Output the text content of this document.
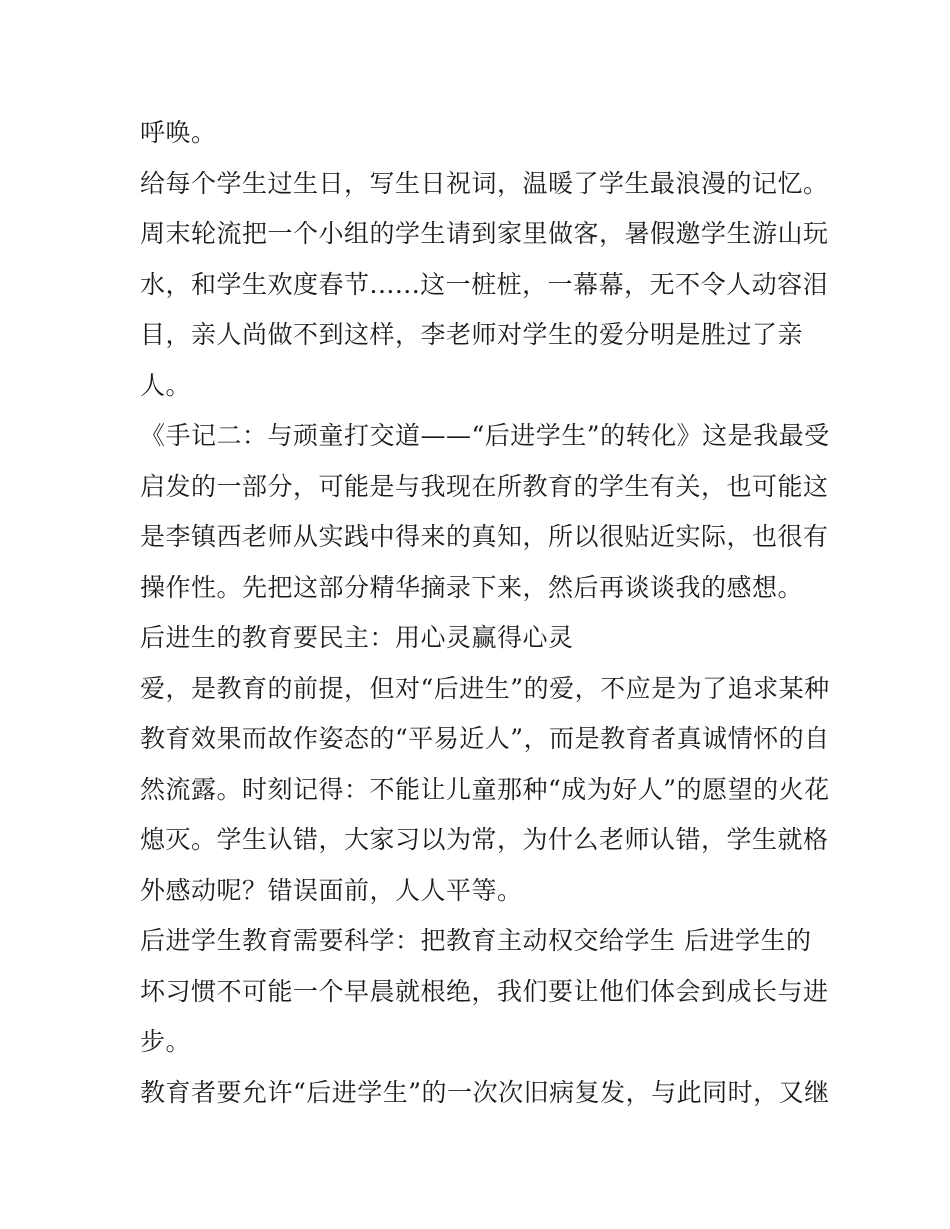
呼唤。
给每个学生过生日，写生日祝词，温暖了学生最浪漫的记忆。
周末轮流把一个小组的学生请到家里做客，暑假邀学生游山玩
水，和学生欢度春节......这一桩桩，一幕幕，无不令人动容泪
目，亲人尚做不到这样，李老师对学生的爱分明是胜过了亲
人。
《手记二：与顽童打交道——“后进学生”的转化》这是我最受
启发的一部分，可能是与我现在所教育的学生有关，也可能这
是李镇西老师从实践中得来的真知，所以很贴近实际，也很有
操作性。先把这部分精华摘录下来，然后再谈谈我的感想。
后进生的教育要民主：用心灵赢得心灵
爱，是教育的前提，但对“后进生”的爱，不应是为了追求某种
教育效果而故作姿态的“平易近人”，而是教育者真诚情怀的自
然流露。时刻记得：不能让儿童那种“成为好人”的愿望的火花
熄灭。学生认错，大家习以为常，为什么老师认错，学生就格
外感动呢？错误面前，人人平等。
后进学生教育需要科学：把教育主动权交给学生 后进学生的
坏习惯不可能一个早晨就根绝，我们要让他们体会到成长与进
步。
教育者要允许“后进学生”的一次次旧病复发，与此同时，又继
